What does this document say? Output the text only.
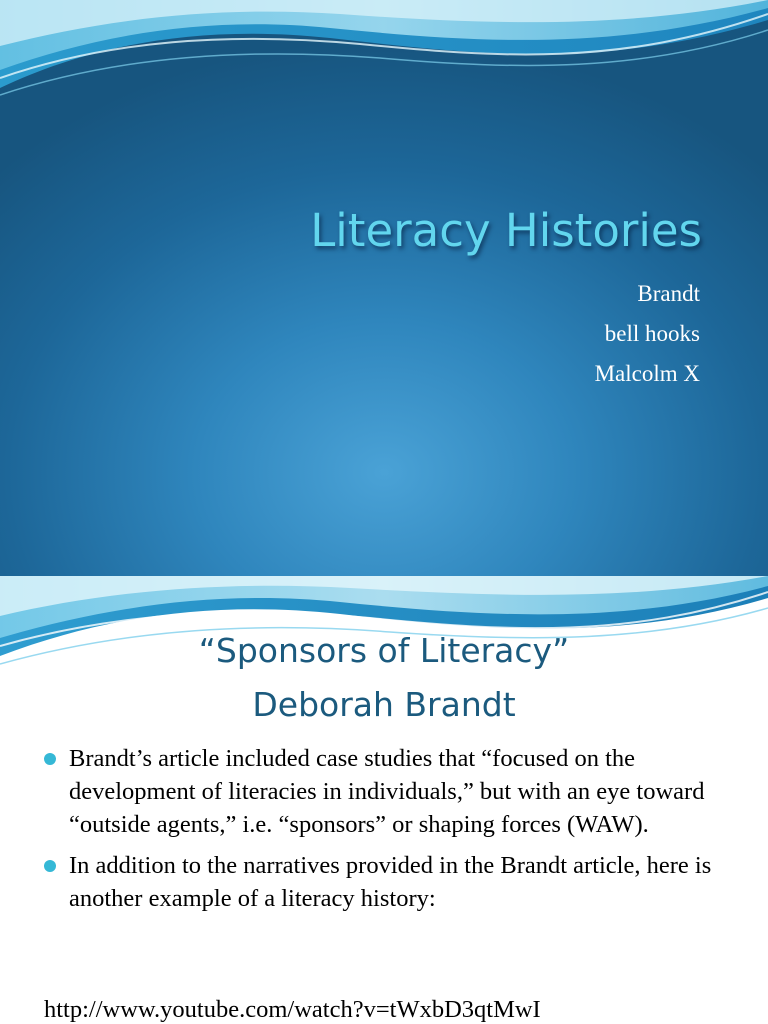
Literacy Histories
Brandt
bell hooks
Malcolm X
“Sponsors of Literacy”
Deborah Brandt
Brandt’s article included case studies that “focused on the development of literacies in individuals,” but with an eye toward “outside agents,” i.e. “sponsors” or shaping forces (WAW).
In addition to the narratives provided in the Brandt article, here is another example of a literacy history:

http://www.youtube.com/watch?v=tWxbD3qtMwI
